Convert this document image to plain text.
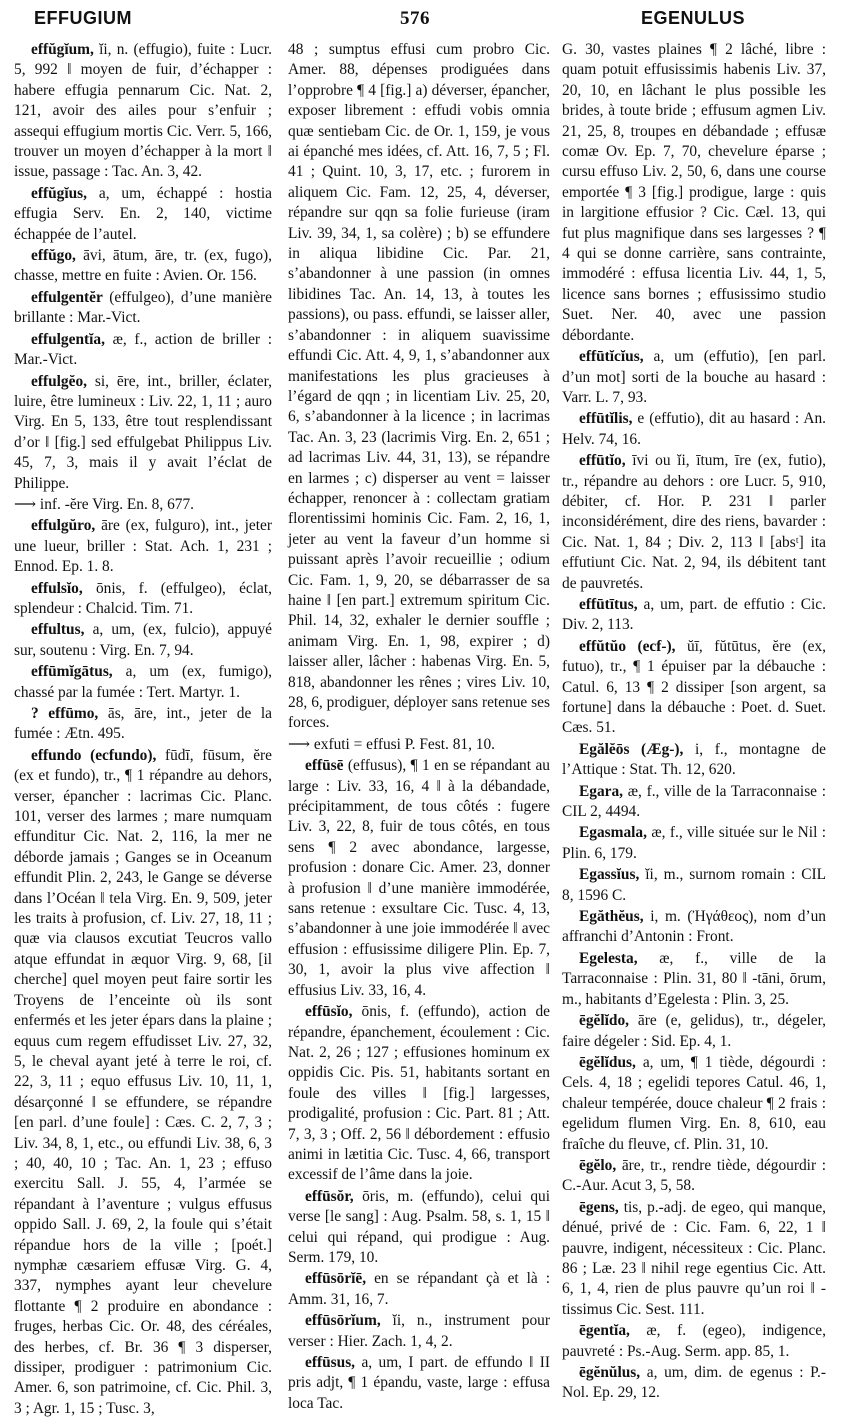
EFFUGIUM	576	EGENULUS

effŭgĭum, ĭi, n. (effugio), fuite : Lucr. 5, 992 ‖ moyen de fuir, d’échapper : habere effugia pennarum Cic. Nat. 2, 121, avoir des ailes pour s’enfuir ; assequi effugium mortis Cic. Verr. 5, 166, trouver un moyen d’échapper à la mort ‖ issue, passage : Tac. An. 3, 42.

effŭgĭus, a, um, échappé : hostia effugia Serv. En. 2, 140, victime échappée de l’autel.

effŭgo, āvi, ātum, āre, tr. (ex, fugo), chasse, mettre en fuite : Avien. Or. 156.

effulgentĕr (effulgeo), d’une manière brillante : Mar.-Vict.

effulgentĭa, æ, f., action de briller : Mar.-Vict.

effulgĕo, si, ēre, int., briller, éclater, luire, être lumineux : Liv. 22, 1, 11 ; auro Virg. En 5, 133, être tout resplendissant d’or ‖ [fig.] sed effulgebat Philippus Liv. 45, 7, 3, mais il y avait l’éclat de Philippe.

⟶ inf. -ĕre Virg. En. 8, 677.

effulgŭro, āre (ex, fulguro), int., jeter une lueur, briller : Stat. Ach. 1, 231 ; Ennod. Ep. 1. 8.

effulsĭo, ōnis, f. (effulgeo), éclat, splendeur : Chalcid. Tim. 71.

effultus, a, um, (ex, fulcio), appuyé sur, soutenu : Virg. En. 7, 94.

effūmĭgātus, a, um (ex, fumigo), chassé par la fumée : Tert. Martyr. 1.

? effūmo, ās, āre, int., jeter de la fumée : Ætn. 495.

effundo (ecfundo), fūdī, fūsum, ĕre (ex et fundo), tr., ¶ 1 répandre au dehors, verser, épancher : lacrimas Cic. Planc. 101, verser des larmes ; mare numquam effunditur Cic. Nat. 2, 116, la mer ne déborde jamais ; Ganges se in Oceanum effundit Plin. 2, 243, le Gange se déverse dans l’Océan ‖ tela Virg. En. 9, 509, jeter les traits à profusion, cf. Liv. 27, 18, 11 ; quæ via clausos excutiat Teucros vallo atque effundat in æquor Virg. 9, 68, [il cherche] quel moyen peut faire sortir les Troyens de l’enceinte où ils sont enfermés et les jeter épars dans la plaine ; equus cum regem effudisset Liv. 27, 32, 5, le cheval ayant jeté à terre le roi, cf. 22, 3, 11 ; equo effusus Liv. 10, 11, 1, désarçonné ‖ se effundere, se répandre [en parl. d’une foule] : Cæs. C. 2, 7, 3 ; Liv. 34, 8, 1, etc., ou effundi Liv. 38, 6, 3 ; 40, 40, 10 ; Tac. An. 1, 23 ; effuso exercitu Sall. J. 55, 4, l’armée se répandant à l’aventure ; vulgus effusus oppido Sall. J. 69, 2, la foule qui s’était répandue hors de la ville ; [poét.] nymphæ cæsariem effusæ Virg. G. 4, 337, nymphes ayant leur chevelure flottante ¶ 2 produire en abondance : fruges, herbas Cic. Or. 48, des céréales, des herbes, cf. Br. 36 ¶ 3 disperser, dissiper, prodiguer : patrimonium Cic. Amer. 6, son patrimoine, cf. Cic. Phil. 3, 3 ; Agr. 1, 15 ; Tusc. 3,

48 ; sumptus effusi cum probro Cic. Amer. 88, dépenses prodiguées dans l’opprobre ¶ 4 [fig.] a) déverser, épancher, exposer librement : effudi vobis omnia quæ sentiebam Cic. de Or. 1, 159, je vous ai épanché mes idées, cf. Att. 16, 7, 5 ; Fl. 41 ; Quint. 10, 3, 17, etc. ; furorem in aliquem Cic. Fam. 12, 25, 4, déverser, répandre sur qqn sa folie furieuse (iram Liv. 39, 34, 1, sa colère) ; b) se effundere in aliqua libidine Cic. Par. 21, s’abandonner à une passion (in omnes libidines Tac. An. 14, 13, à toutes les passions), ou pass. effundi, se laisser aller, s’abandonner : in aliquem suavissime effundi Cic. Att. 4, 9, 1, s’abandonner aux manifestations les plus gracieuses à l’égard de qqn ; in licentiam Liv. 25, 20, 6, s’abandonner à la licence ; in lacrimas Tac. An. 3, 23 (lacrimis Virg. En. 2, 651 ; ad lacrimas Liv. 44, 31, 13), se répandre en larmes ; c) disperser au vent = laisser échapper, renoncer à : collectam gratiam florentissimi hominis Cic. Fam. 2, 16, 1, jeter au vent la faveur d’un homme si puissant après l’avoir recueillie ; odium Cic. Fam. 1, 9, 20, se débarrasser de sa haine ‖ [en part.] extremum spiritum Cic. Phil. 14, 32, exhaler le dernier souffle ; animam Virg. En. 1, 98, expirer ; d) laisser aller, lâcher : habenas Virg. En. 5, 818, abandonner les rênes ; vires Liv. 10, 28, 6, prodiguer, déployer sans retenue ses forces.

⟶ exfuti = effusi P. Fest. 81, 10.

effūsē (effusus), ¶ 1 en se répandant au large : Liv. 33, 16, 4 ‖ à la débandade, précipitamment, de tous côtés : fugere Liv. 3, 22, 8, fuir de tous côtés, en tous sens ¶ 2 avec abondance, largesse, profusion : donare Cic. Amer. 23, donner à profusion ‖ d’une manière immodérée, sans retenue : exsultare Cic. Tusc. 4, 13, s’abandonner à une joie immodérée ‖ avec effusion : effusissime diligere Plin. Ep. 7, 30, 1, avoir la plus vive affection ‖ effusius Liv. 33, 16, 4.

effūsĭo, ōnis, f. (effundo), action de répandre, épanchement, écoulement : Cic. Nat. 2, 26 ; 127 ; effusiones hominum ex oppidis Cic. Pis. 51, habitants sortant en foule des villes ‖ [fig.] largesses, prodigalité, profusion : Cic. Part. 81 ; Att. 7, 3, 3 ; Off. 2, 56 ‖ débordement : effusio animi in lætitia Cic. Tusc. 4, 66, transport excessif de l’âme dans la joie.

effūsŏr, ōris, m. (effundo), celui qui verse [le sang] : Aug. Psalm. 58, s. 1, 15 ‖ celui qui répand, qui prodigue : Aug. Serm. 179, 10.

effūsōrĭē, en se répandant çà et là : Amm. 31, 16, 7.

effūsōrĭum, ĭi, n., instrument pour verser : Hier. Zach. 1, 4, 2.

effūsus, a, um, I part. de effundo ‖ II pris adjt, ¶ 1 épandu, vaste, large : effusa loca Tac.

G. 30, vastes plaines ¶ 2 lâché, libre : quam potuit effusissimis habenis Liv. 37, 20, 10, en lâchant le plus possible les brides, à toute bride ; effusum agmen Liv. 21, 25, 8, troupes en débandade ; effusæ comæ Ov. Ep. 7, 70, chevelure éparse ; cursu effuso Liv. 2, 50, 6, dans une course emportée ¶ 3 [fig.] prodigue, large : quis in largitione effusior ? Cic. Cæl. 13, qui fut plus magnifique dans ses largesses ? ¶ 4 qui se donne carrière, sans contrainte, immodéré : effusa licentia Liv. 44, 1, 5, licence sans bornes ; effusissimo studio Suet. Ner. 40, avec une passion débordante.

effūtĭcĭus, a, um (effutio), [en parl. d’un mot] sorti de la bouche au hasard : Varr. L. 7, 93.

effūtĭlis, e (effutio), dit au hasard : An. Helv. 74, 16.

effūtĭo, īvi ou ĭi, ītum, īre (ex, futio), tr., répandre au dehors : ore Lucr. 5, 910, débiter, cf. Hor. P. 231 ‖ parler inconsidérément, dire des riens, bavarder : Cic. Nat. 1, 84 ; Div. 2, 113 ‖ [absᵗ] ita effutiunt Cic. Nat. 2, 94, ils débitent tant de pauvretés.

effūtītus, a, um, part. de effutio : Cic. Div. 2, 113.

effŭtŭo (ecf-), ŭī, fŭtūtus, ĕre (ex, futuo), tr., ¶ 1 épuiser par la débauche : Catul. 6, 13 ¶ 2 dissiper [son argent, sa fortune] dans la débauche : Poet. d. Suet. Cæs. 51.

Egălĕōs (Æg-), i, f., montagne de l’Attique : Stat. Th. 12, 620.

Egara, æ, f., ville de la Tarraconnaise : CIL 2, 4494.

Egasmala, æ, f., ville située sur le Nil : Plin. 6, 179.

Egassĭus, ĭi, m., surnom romain : CIL 8, 1596 C.

Egăthĕus, i, m. (Ἠγάθεος), nom d’un affranchi d’Antonin : Front.

Egelesta, æ, f., ville de la Tarraconnaise : Plin. 31, 80 ‖ -tāni, ōrum, m., habitants d’Egelesta : Plin. 3, 25.

ēgĕlĭdo, āre (e, gelidus), tr., dégeler, faire dégeler : Sid. Ep. 4, 1.

ēgĕlĭdus, a, um, ¶ 1 tiède, dégourdi : Cels. 4, 18 ; egelidi tepores Catul. 46, 1, chaleur tempérée, douce chaleur ¶ 2 frais : egelidum flumen Virg. En. 8, 610, eau fraîche du fleuve, cf. Plin. 31, 10.

ēgĕlo, āre, tr., rendre tiède, dégourdir : C.-Aur. Acut 3, 5, 58.

ēgens, tis, p.-adj. de egeo, qui manque, dénué, privé de : Cic. Fam. 6, 22, 1 ‖ pauvre, indigent, nécessiteux : Cic. Planc. 86 ; Læ. 23 ‖ nihil rege egentius Cic. Att. 6, 1, 4, rien de plus pauvre qu’un roi ‖ -tissimus Cic. Sest. 111.

ēgentĭa, æ, f. (egeo), indigence, pauvreté : Ps.-Aug. Serm. app. 85, 1.

ēgĕnŭlus, a, um, dim. de egenus : P.-Nol. Ep. 29, 12.
